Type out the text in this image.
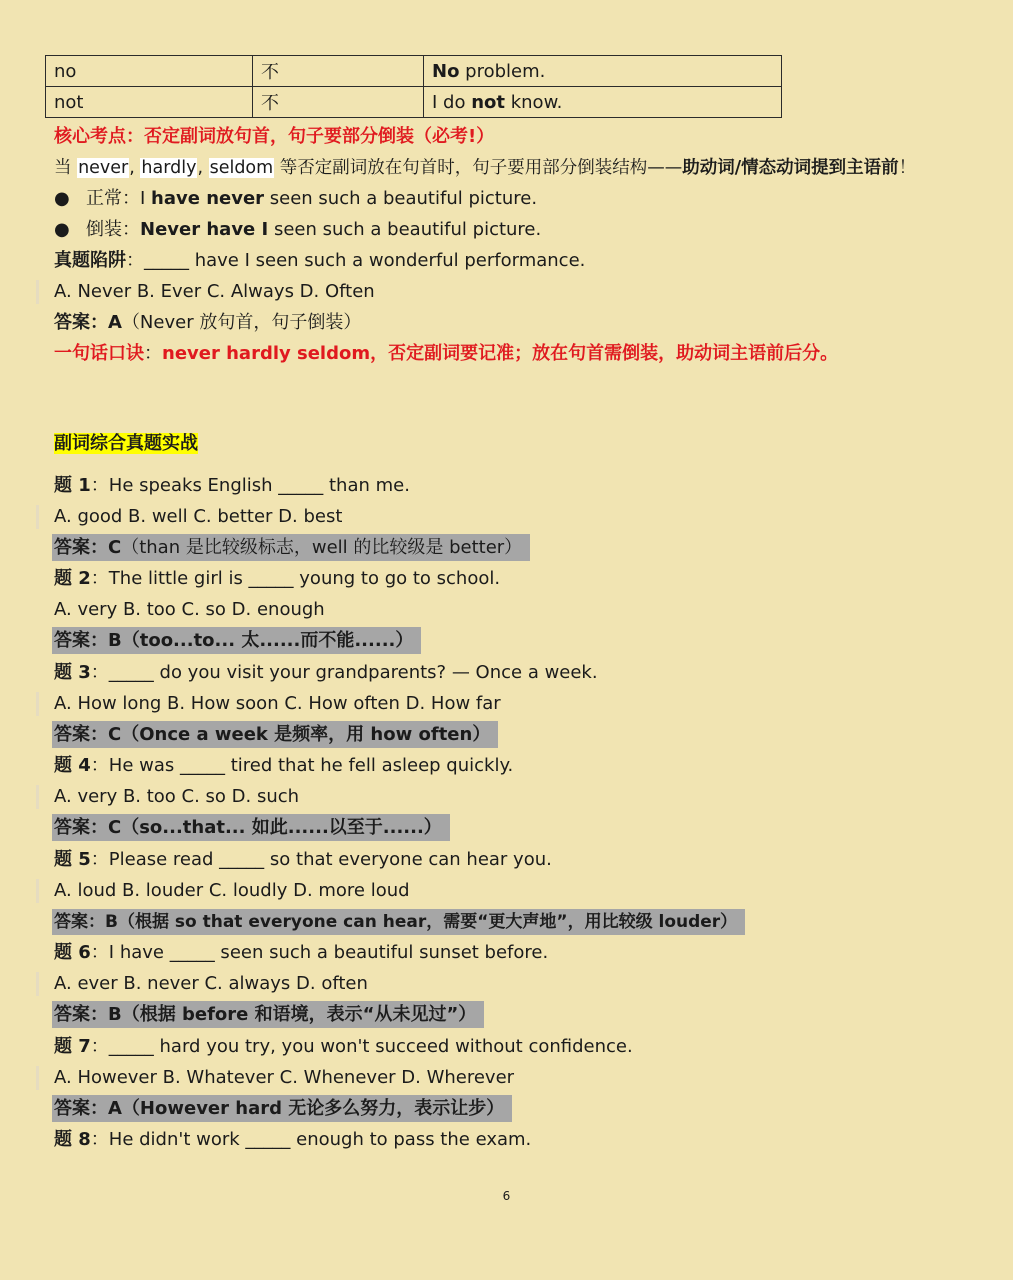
no	不	No problem.
not	不	I do not know.
核心考点：否定副词放句首，句子要部分倒装（必考!）
当 never, hardly, seldom 等否定副词放在句首时，句子要用部分倒装结构——助动词/情态动词提到主语前！
● 正常：I have never seen such a beautiful picture.
● 倒装：Never have I seen such a beautiful picture.
真题陷阱：_____ have I seen such a wonderful performance.
A. Never B. Ever C. Always D. Often
答案：A（Never 放句首，句子倒装）
一句话口诀：never hardly seldom，否定副词要记准；放在句首需倒装，助动词主语前后分。
副词综合真题实战
题 1：He speaks English _____ than me.
A. good B. well C. better D. best
答案：C（than 是比较级标志，well 的比较级是 better）
题 2：The little girl is _____ young to go to school.
A. very B. too C. so D. enough
答案：B（too...to... 太......而不能......）
题 3：_____ do you visit your grandparents? — Once a week.
A. How long B. How soon C. How often D. How far
答案：C（Once a week 是频率，用 how often）
题 4：He was _____ tired that he fell asleep quickly.
A. very B. too C. so D. such
答案：C（so...that... 如此......以至于......）
题 5：Please read _____ so that everyone can hear you.
A. loud B. louder C. loudly D. more loud
答案：B（根据 so that everyone can hear，需要“更大声地”，用比较级 louder）
题 6：I have _____ seen such a beautiful sunset before.
A. ever B. never C. always D. often
答案：B（根据 before 和语境，表示“从未见过”）
题 7：_____ hard you try, you won't succeed without confidence.
A. However B. Whatever C. Whenever D. Wherever
答案：A（However hard 无论多么努力，表示让步）
题 8：He didn't work _____ enough to pass the exam.
6
